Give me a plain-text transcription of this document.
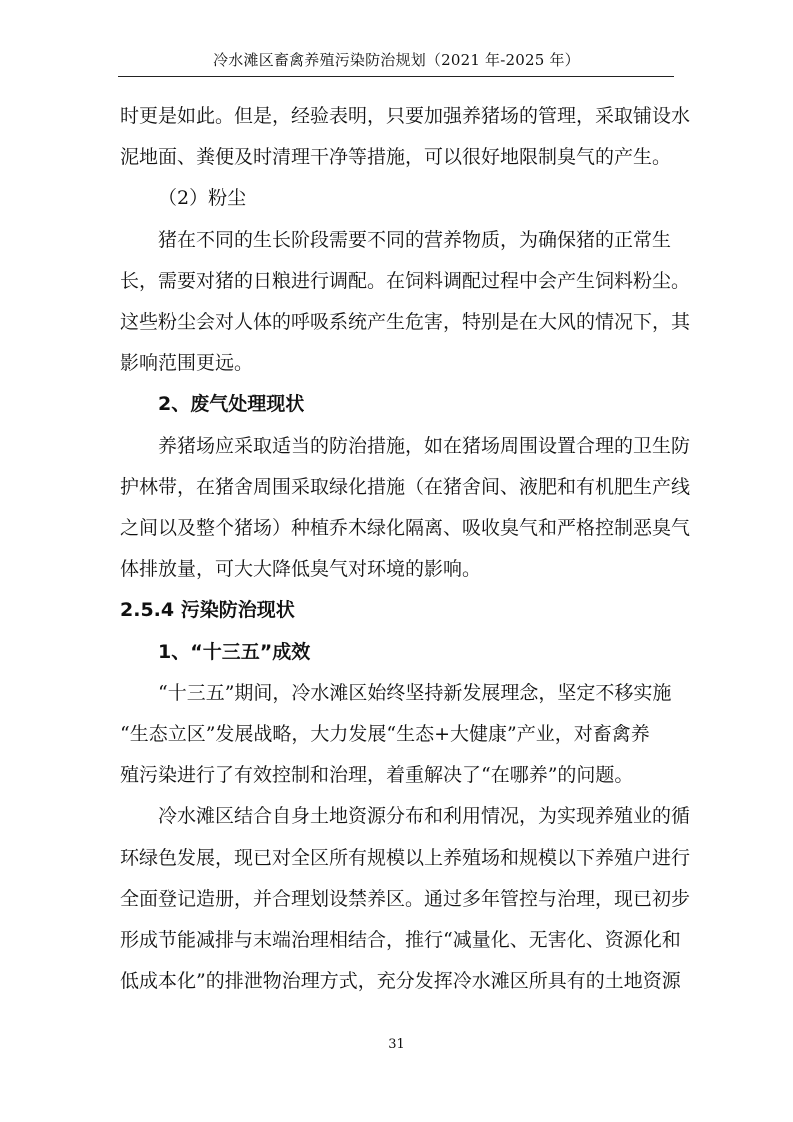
冷水滩区畜禽养殖污染防治规划（2021 年-2025 年）

时更是如此。但是，经验表明，只要加强养猪场的管理，采取铺设水
泥地面、粪便及时清理干净等措施，可以很好地限制臭气的产生。

（2）粉尘

猪在不同的生长阶段需要不同的营养物质，为确保猪的正常生
长，需要对猪的日粮进行调配。在饲料调配过程中会产生饲料粉尘。
这些粉尘会对人体的呼吸系统产生危害，特别是在大风的情况下，其
影响范围更远。

2、废气处理现状

养猪场应采取适当的防治措施，如在猪场周围设置合理的卫生防
护林带，在猪舍周围采取绿化措施（在猪舍间、液肥和有机肥生产线
之间以及整个猪场）种植乔木绿化隔离、吸收臭气和严格控制恶臭气
体排放量，可大大降低臭气对环境的影响。

2.5.4 污染防治现状

1、“十三五”成效

“十三五”期间，冷水滩区始终坚持新发展理念，坚定不移实施
“生态立区”发展战略，大力发展“生态+大健康”产业，对畜禽养
殖污染进行了有效控制和治理，着重解决了“在哪养”的问题。

冷水滩区结合自身土地资源分布和利用情况，为实现养殖业的循
环绿色发展，现已对全区所有规模以上养殖场和规模以下养殖户进行
全面登记造册，并合理划设禁养区。通过多年管控与治理，现已初步
形成节能减排与末端治理相结合，推行“减量化、无害化、资源化和
低成本化”的排泄物治理方式，充分发挥冷水滩区所具有的土地资源

31
